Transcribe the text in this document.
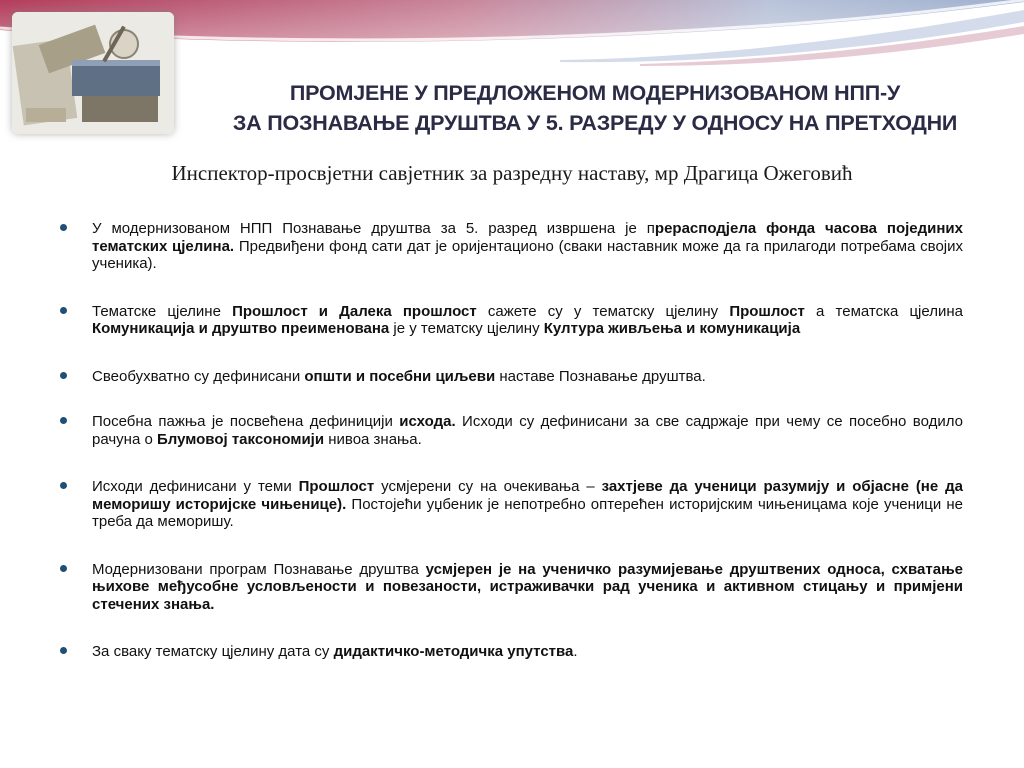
ПРОМЈЕНЕ У ПРЕДЛОЖЕНОМ МОДЕРНИЗОВАНОМ НПП-У
ЗА ПОЗНАВАЊЕ ДРУШТВА У 5. РАЗРЕДУ У ОДНОСУ НА ПРЕТХОДНИ
Инспектор-просвјетни савјетник за разредну наставу, мр Драгица Ожеговић
У модернизованом НПП Познавање друштва за 5. разред извршена је прерасподјела фонда часова појединих тематских цјелина. Предвиђени фонд сати дат је оријентационо (сваки наставник може да га прилагоди потребама својих ученика).
Тематске цјелине Прошлост и Далека прошлост сажете су у тематску цјелину Прошлост а тематска цјелина Комуникација и друштво преименована је у тематску цјелину Култура живљења и комуникација
Свеобухватно су дефинисани општи и посебни циљеви наставе Познавање друштва.
Посебна пажња је посвећена дефиницији исхода. Исходи су дефинисани за све садржаје при чему се посебно водило рачуна о Блумовој таксономији нивоа знања.
Исходи дефинисани у теми Прошлост усмјерени су на очекивања – захтјеве да ученици разумију и објасне (не да меморишу историјске чињенице). Постојећи уџбеник је непотребно оптерећен историјским чињеницама које ученици не треба да меморишу.
Модернизовани програм Познавање друштва усмјерен је на ученичко разумијевање друштвених односа, схватање њихове међусобне условљености и повезаности, истраживачки рад ученика и активном стицању и примјени стечених знања.
За сваку тематску цјелину дата су дидактичко-методичка упутства.
